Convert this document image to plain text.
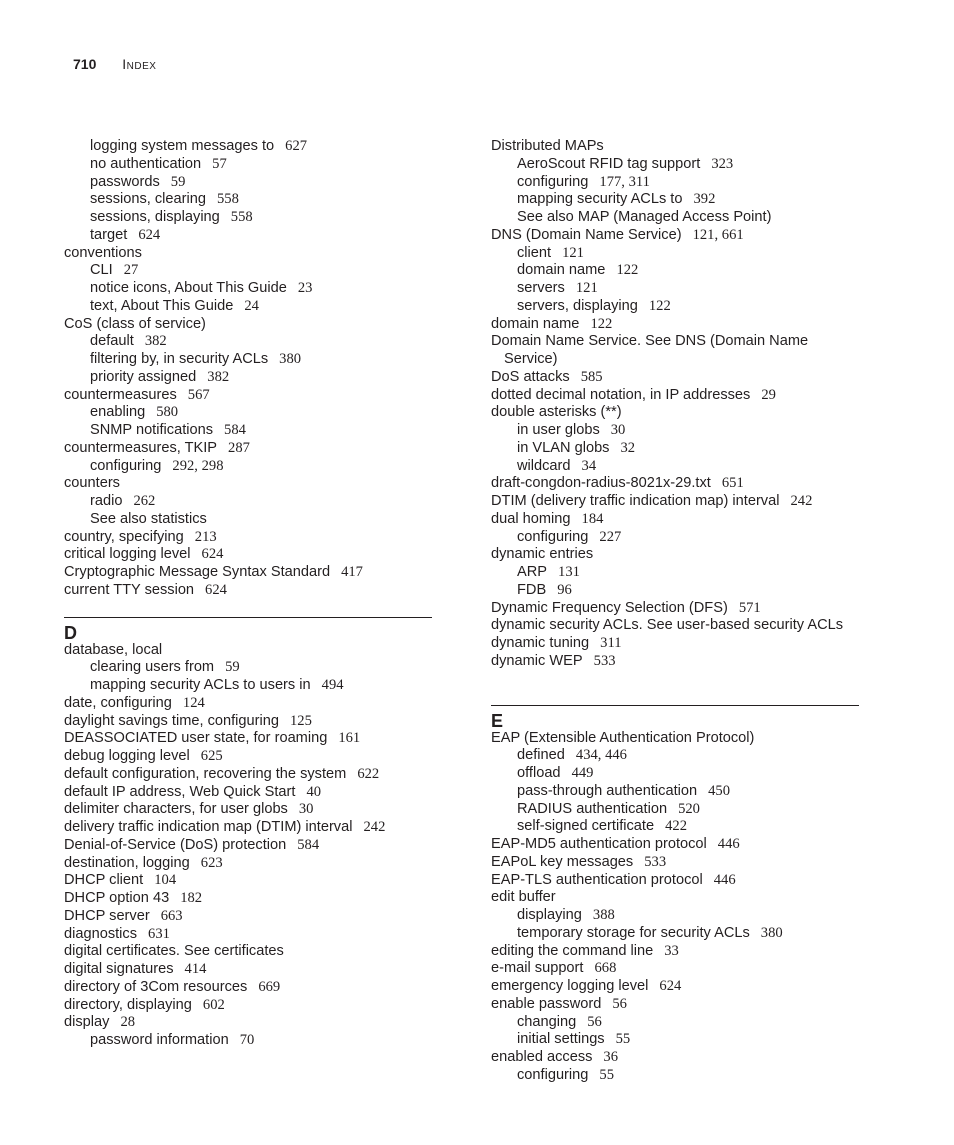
710 Index
logging system messages to 627
no authentication 57
passwords 59
sessions, clearing 558
sessions, displaying 558
target 624
conventions
CLI 27
notice icons, About This Guide 23
text, About This Guide 24
CoS (class of service)
default 382
filtering by, in security ACLs 380
priority assigned 382
countermeasures 567
enabling 580
SNMP notifications 584
countermeasures, TKIP 287
configuring 292, 298
counters
radio 262
See also statistics
country, specifying 213
critical logging level 624
Cryptographic Message Syntax Standard 417
current TTY session 624
D
database, local
clearing users from 59
mapping security ACLs to users in 494
date, configuring 124
daylight savings time, configuring 125
DEASSOCIATED user state, for roaming 161
debug logging level 625
default configuration, recovering the system 622
default IP address, Web Quick Start 40
delimiter characters, for user globs 30
delivery traffic indication map (DTIM) interval 242
Denial-of-Service (DoS) protection 584
destination, logging 623
DHCP client 104
DHCP option 43 182
DHCP server 663
diagnostics 631
digital certificates. See certificates
digital signatures 414
directory of 3Com resources 669
directory, displaying 602
display 28
password information 70
Distributed MAPs
AeroScout RFID tag support 323
configuring 177, 311
mapping security ACLs to 392
See also MAP (Managed Access Point)
DNS (Domain Name Service) 121, 661
client 121
domain name 122
servers 121
servers, displaying 122
domain name 122
Domain Name Service. See DNS (Domain Name
Service)
DoS attacks 585
dotted decimal notation, in IP addresses 29
double asterisks (**)
in user globs 30
in VLAN globs 32
wildcard 34
draft-congdon-radius-8021x-29.txt 651
DTIM (delivery traffic indication map) interval 242
dual homing 184
configuring 227
dynamic entries
ARP 131
FDB 96
Dynamic Frequency Selection (DFS) 571
dynamic security ACLs. See user-based security ACLs
dynamic tuning 311
dynamic WEP 533
E
EAP (Extensible Authentication Protocol)
defined 434, 446
offload 449
pass-through authentication 450
RADIUS authentication 520
self-signed certificate 422
EAP-MD5 authentication protocol 446
EAPoL key messages 533
EAP-TLS authentication protocol 446
edit buffer
displaying 388
temporary storage for security ACLs 380
editing the command line 33
e-mail support 668
emergency logging level 624
enable password 56
changing 56
initial settings 55
enabled access 36
configuring 55
